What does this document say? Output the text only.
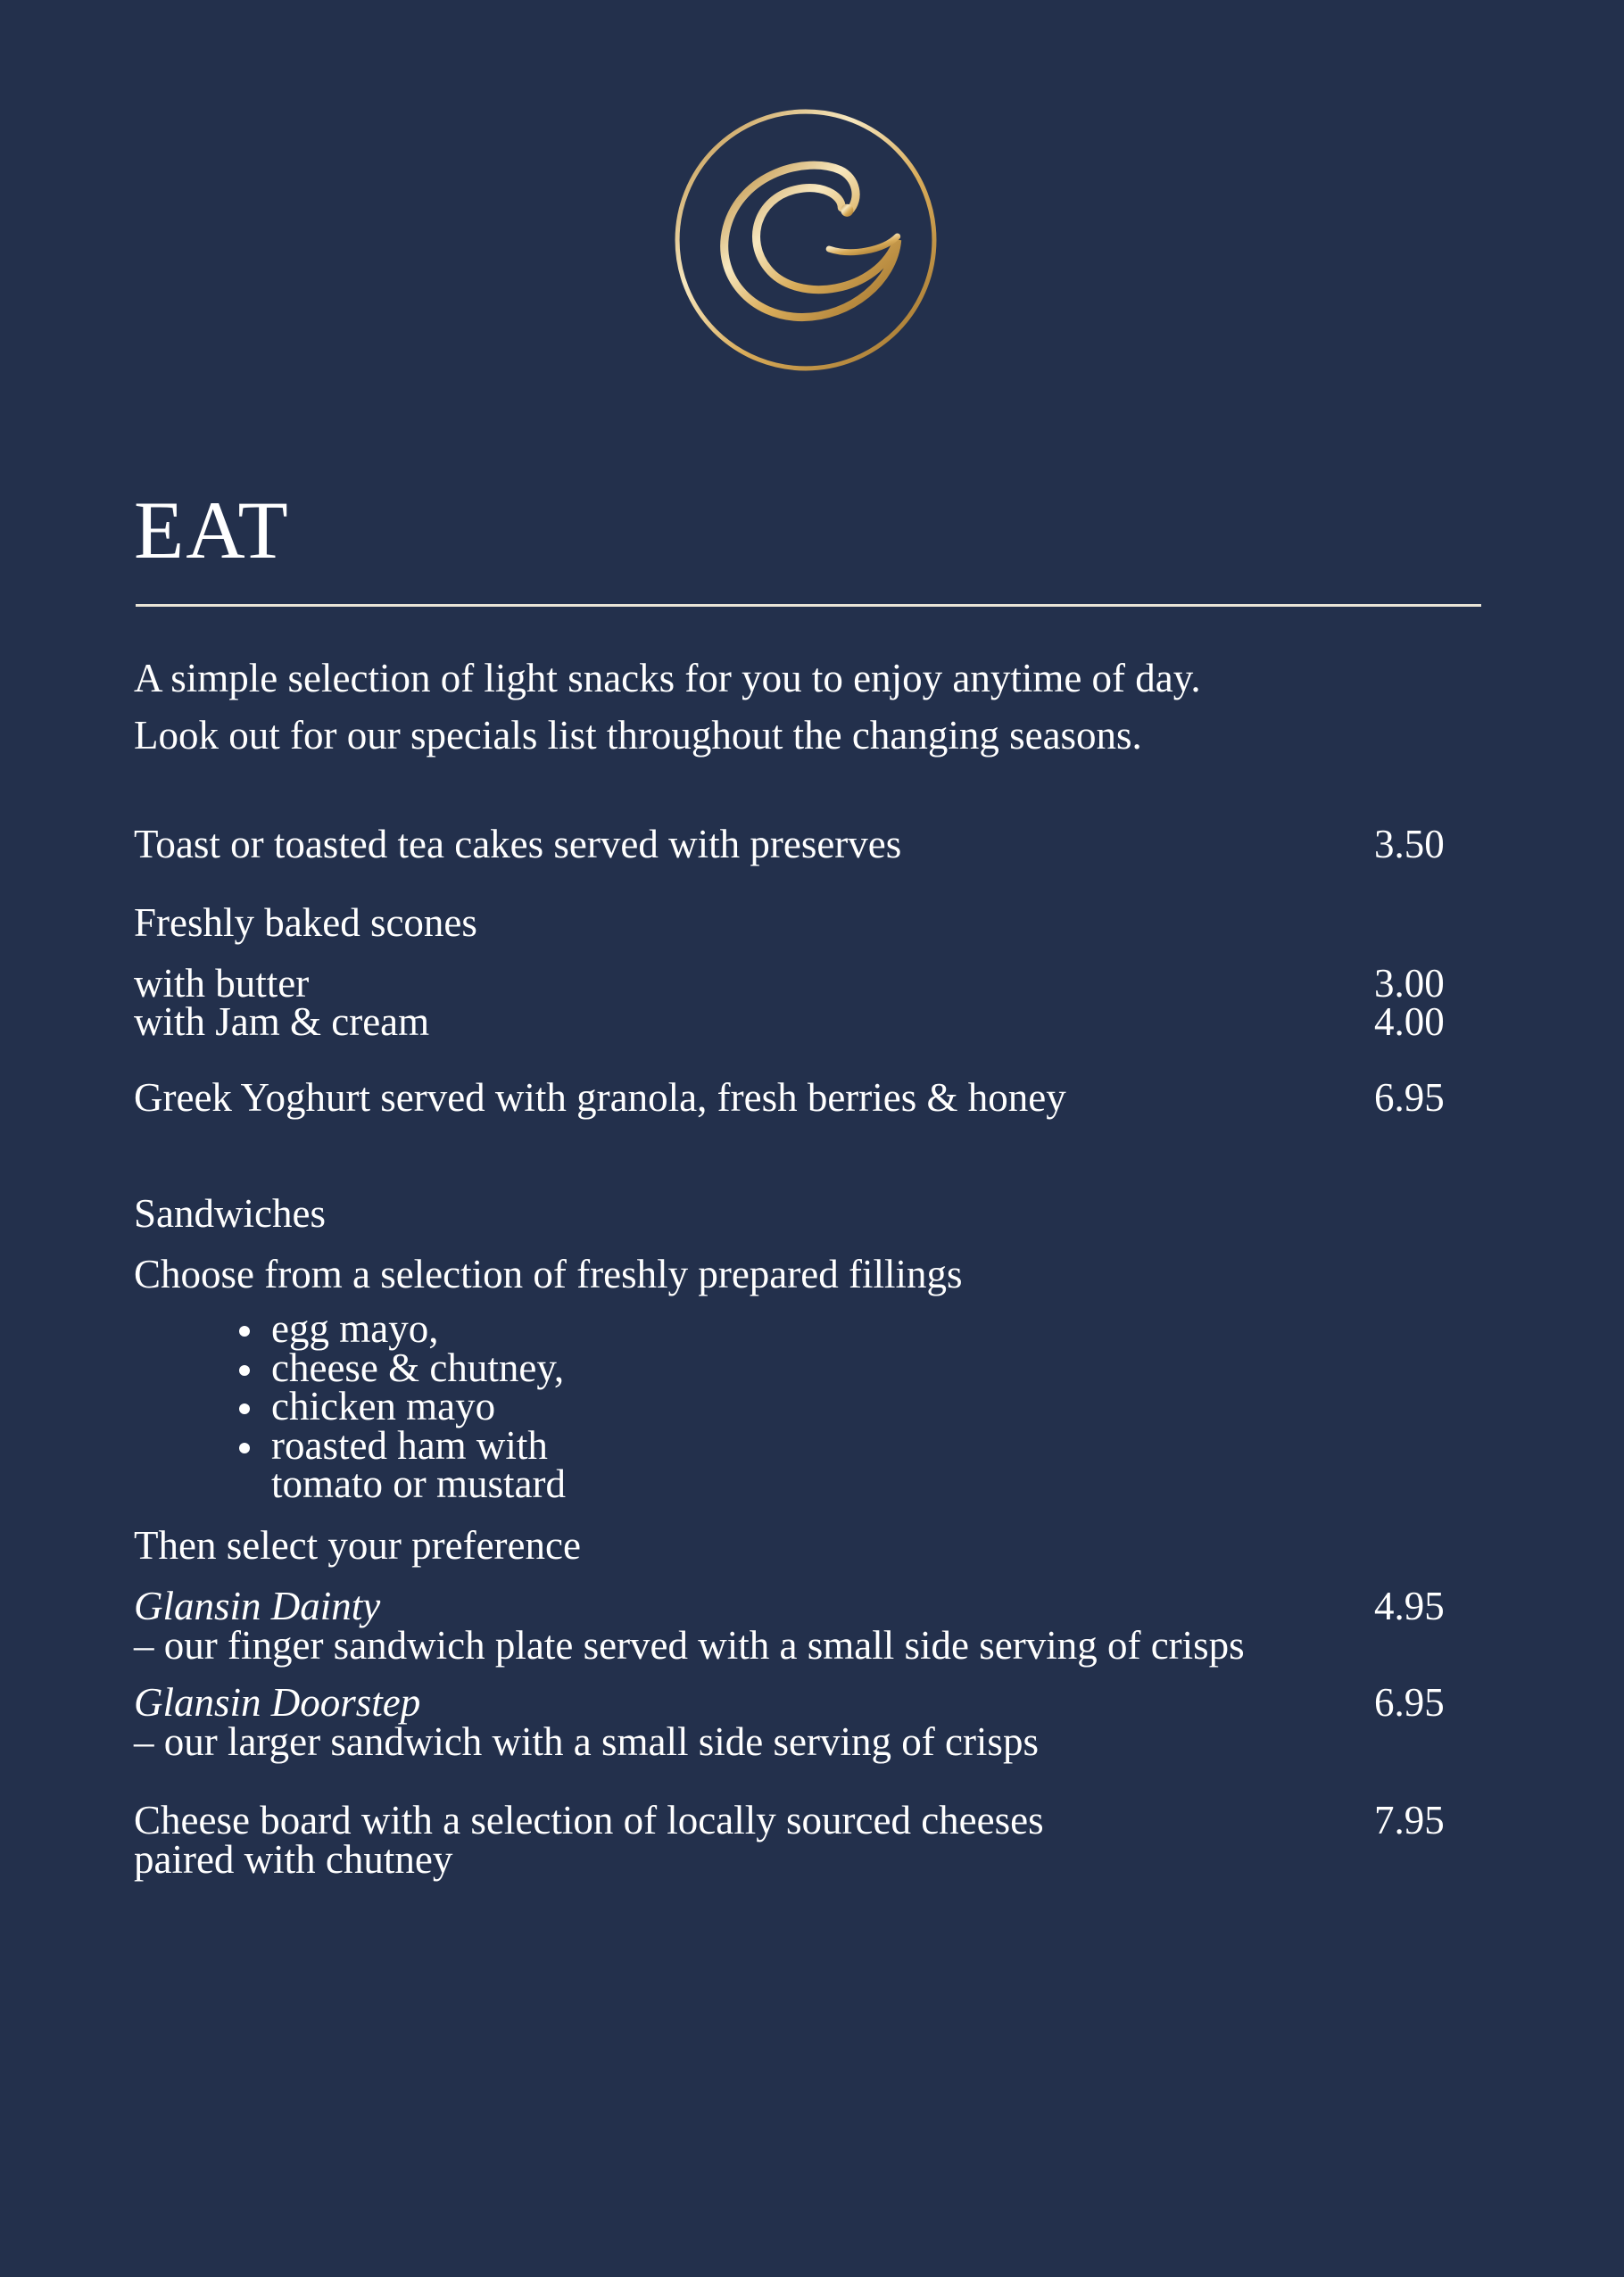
EAT
A simple selection of light snacks for you to enjoy anytime of day.
Look out for our specials list throughout the changing seasons.
Toast or toasted tea cakes served with preserves	3.50
Freshly baked scones
with butter	3.00
with Jam & cream	4.00
Greek Yoghurt served with granola, fresh berries & honey	6.95
Sandwiches
Choose from a selection of freshly prepared fillings
egg mayo,
cheese & chutney,
chicken mayo
roasted ham with
tomato or mustard
Then select your preference
Glansin Dainty	4.95
– our finger sandwich plate served with a small side serving of crisps
Glansin Doorstep	6.95
– our larger sandwich with a small side serving of crisps
Cheese board with a selection of locally sourced cheeses	7.95
paired with chutney
